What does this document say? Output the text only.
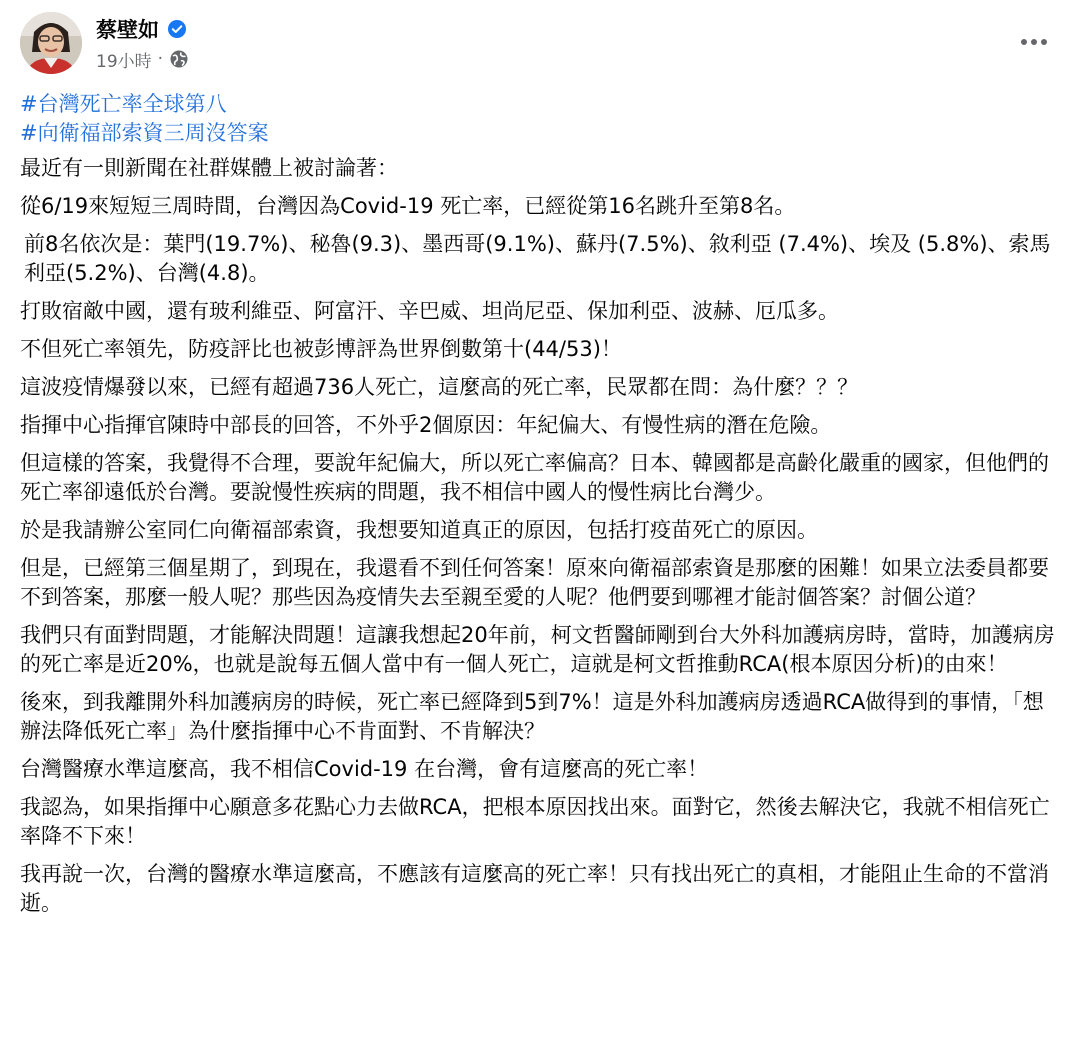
蔡壁如
19小時 ·
#台灣死亡率全球第八
#向衛福部索資三周沒答案

最近有一則新聞在社群媒體上被討論著：

從6/19來短短三周時間，台灣因為Covid-19 死亡率，已經從第16名跳升至第8名。

前8名依次是：葉門(19.7%)、秘魯(9.3)、墨西哥(9.1%)、蘇丹(7.5%)、敘利亞 (7.4%)、埃及 (5.8%)、索馬利亞(5.2%)、台灣(4.8)。

打敗宿敵中國，還有玻利維亞、阿富汗、辛巴威、坦尚尼亞、保加利亞、波赫、厄瓜多。

不但死亡率領先，防疫評比也被彭博評為世界倒數第十(44/53)！

這波疫情爆發以來，已經有超過736人死亡，這麼高的死亡率，民眾都在問：為什麼？？？

指揮中心指揮官陳時中部長的回答，不外乎2個原因：年紀偏大、有慢性病的潛在危險。

但這樣的答案，我覺得不合理，要說年紀偏大，所以死亡率偏高？日本、韓國都是高齡化嚴重的國家，但他們的死亡率卻遠低於台灣。要說慢性疾病的問題，我不相信中國人的慢性病比台灣少。

於是我請辦公室同仁向衛福部索資，我想要知道真正的原因，包括打疫苗死亡的原因。

但是，已經第三個星期了，到現在，我還看不到任何答案！原來向衛福部索資是那麼的困難！如果立法委員都要不到答案，那麼一般人呢？那些因為疫情失去至親至愛的人呢？他們要到哪裡才能討個答案？討個公道？

我們只有面對問題，才能解決問題！這讓我想起20年前，柯文哲醫師剛到台大外科加護病房時，當時，加護病房的死亡率是近20%，也就是說每五個人當中有一個人死亡，這就是柯文哲推動RCA(根本原因分析)的由來！

後來，到我離開外科加護病房的時候，死亡率已經降到5到7%！這是外科加護病房透過RCA做得到的事情，「想辦法降低死亡率」為什麼指揮中心不肯面對、不肯解決？

台灣醫療水準這麼高，我不相信Covid-19 在台灣，會有這麼高的死亡率！

我認為，如果指揮中心願意多花點心力去做RCA，把根本原因找出來。面對它，然後去解決它，我就不相信死亡率降不下來！

我再說一次，台灣的醫療水準這麼高，不應該有這麼高的死亡率！只有找出死亡的真相，才能阻止生命的不當消逝。
